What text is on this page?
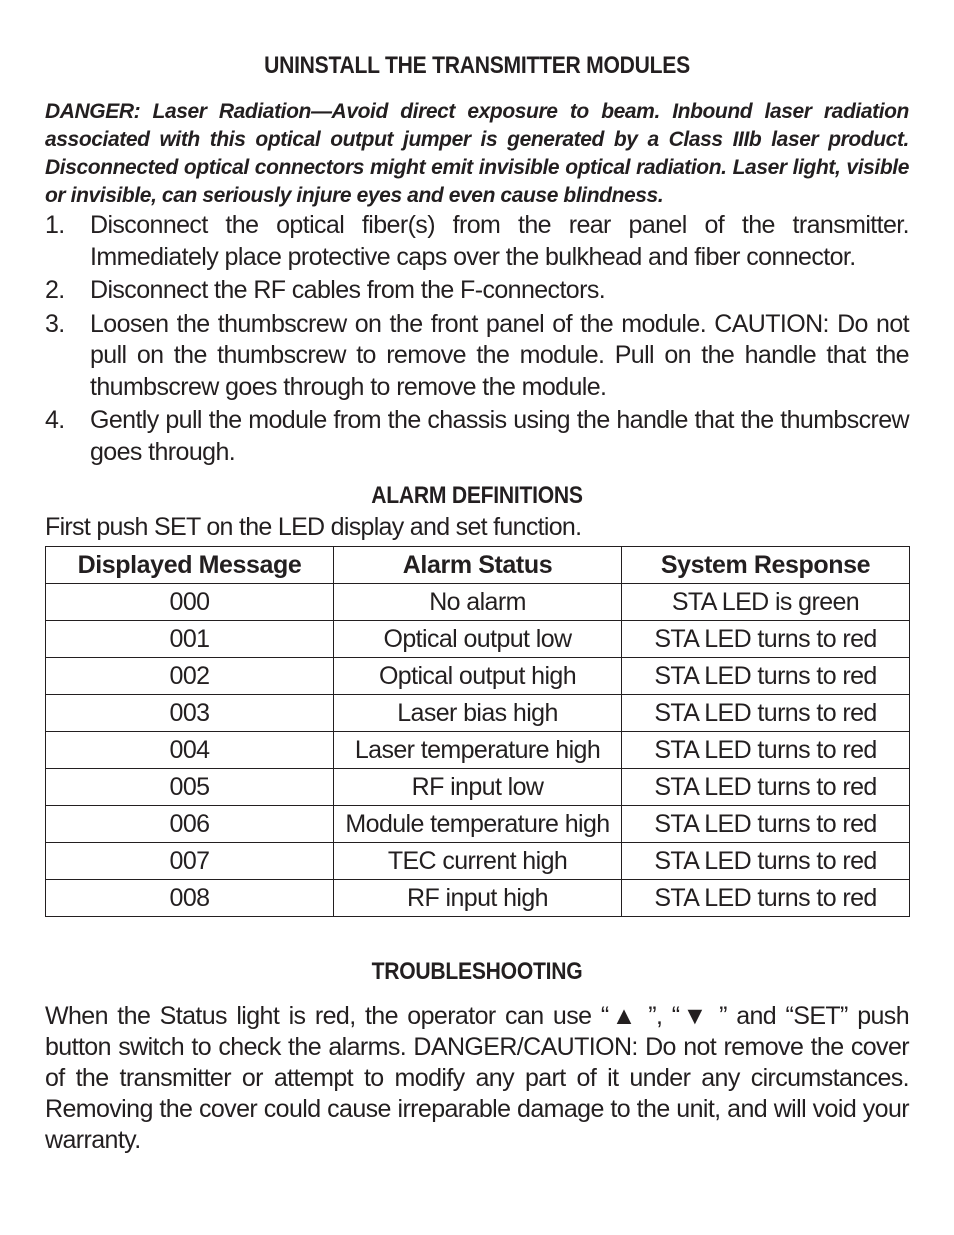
UNINSTALL THE TRANSMITTER MODULES

DANGER: Laser Radiation—Avoid direct exposure to beam. Inbound laser radiation associated with this optical output jumper is generated by a Class IIIb laser product. Disconnected optical connectors might emit invisible optical radiation. Laser light, visible or invisible, can seriously injure eyes and even cause blindness.

1. Disconnect the optical fiber(s) from the rear panel of the transmitter. Immediately place protective caps over the bulkhead and fiber connector.
2. Disconnect the RF cables from the F-connectors.
3. Loosen the thumbscrew on the front panel of the module. CAUTION: Do not pull on the thumbscrew to remove the module. Pull on the handle that the thumbscrew goes through to remove the module.
4. Gently pull the module from the chassis using the handle that the thumbscrew goes through.
ALARM DEFINITIONS
First push SET on the LED display and set function.
Displayed Message	Alarm Status	System Response
000	No alarm	STA LED is green
001	Optical output low	STA LED turns to red
002	Optical output high	STA LED turns to red
003	Laser bias high	STA LED turns to red
004	Laser temperature high	STA LED turns to red
005	RF input low	STA LED turns to red
006	Module temperature high	STA LED turns to red
007	TEC current high	STA LED turns to red
008	RF input high	STA LED turns to red
TROUBLESHOOTING

When the Status light is red, the operator can use “▲ ”, “▼ ” and “SET” push button switch to check the alarms. DANGER/CAUTION: Do not remove the cover of the transmitter or attempt to modify any part of it under any circumstances. Removing the cover could cause irreparable damage to the unit, and will void your warranty.
